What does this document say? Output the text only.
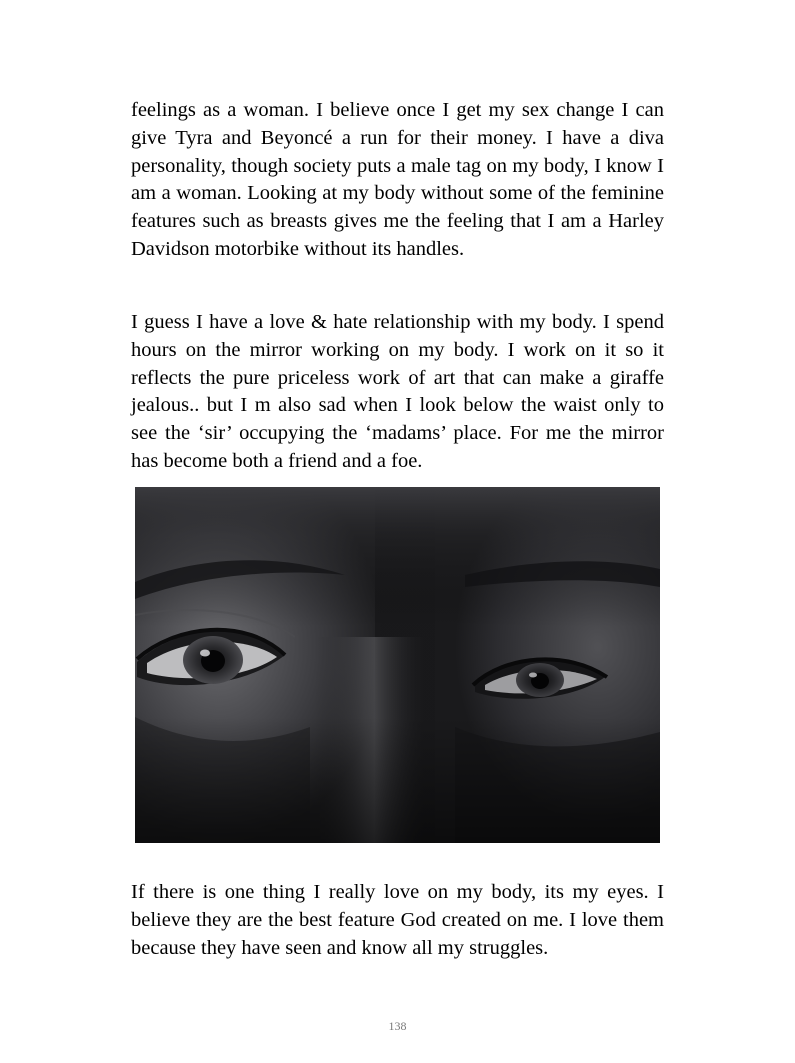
feelings as a woman. I believe once I get my sex change I can give Tyra and Beyoncé a run for their money. I have a diva personality, though society puts a male tag on my body, I know I am a woman. Looking at my body without some of the feminine features such as breasts gives me the feeling that I am a Harley Davidson motorbike without its handles.

I guess I have a love & hate relationship with my body. I spend hours on the mirror working on my body. I work on it so it reflects the pure priceless work of art that can make a giraffe jealous.. but I m also sad when I look below the waist only to see the ‘sir’ occupying the ‘madams’ place. For me the mirror has become both a friend and a foe.

If there is one thing I really love on my body, its my eyes. I believe they are the best feature God created on me. I love them because they have seen and know all my struggles.

138
